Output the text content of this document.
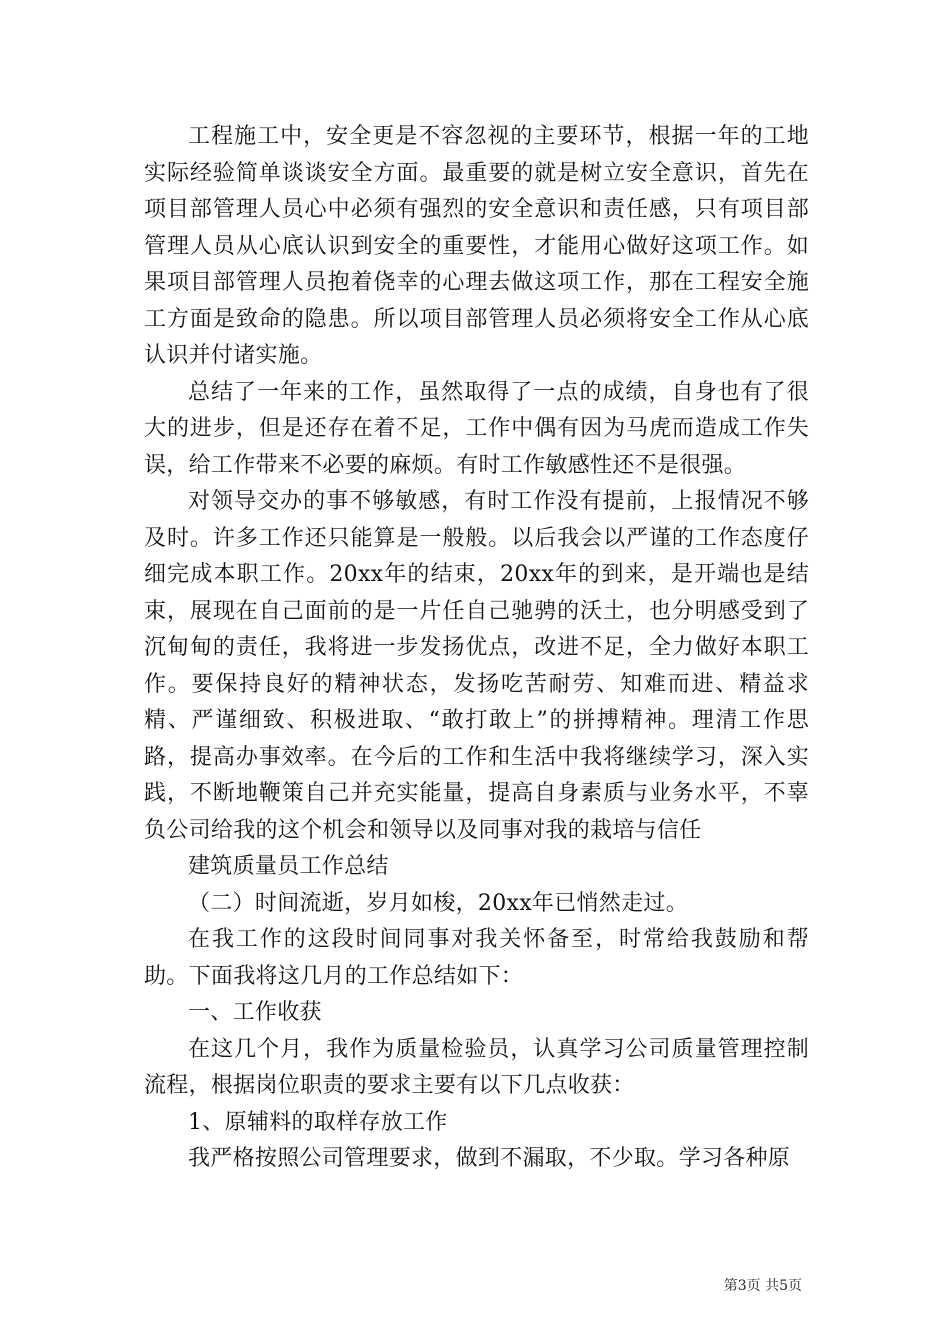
工程施工中，安全更是不容忽视的主要环节，根据一年的工地实际经验简单谈谈安全方面。最重要的就是树立安全意识，首先在项目部管理人员心中必须有强烈的安全意识和责任感，只有项目部管理人员从心底认识到安全的重要性，才能用心做好这项工作。如果项目部管理人员抱着侥幸的心理去做这项工作，那在工程安全施工方面是致命的隐患。所以项目部管理人员必须将安全工作从心底认识并付诸实施。

总结了一年来的工作，虽然取得了一点的成绩，自身也有了很大的进步，但是还存在着不足，工作中偶有因为马虎而造成工作失误，给工作带来不必要的麻烦。有时工作敏感性还不是很强。

对领导交办的事不够敏感，有时工作没有提前，上报情况不够及时。许多工作还只能算是一般般。以后我会以严谨的工作态度仔细完成本职工作。20xx年的结束，20xx年的到来，是开端也是结束，展现在自己面前的是一片任自己驰骋的沃土，也分明感受到了沉甸甸的责任，我将进一步发扬优点，改进不足，全力做好本职工作。要保持良好的精神状态，发扬吃苦耐劳、知难而进、精益求精、严谨细致、积极进取、“敢打敢上”的拼搏精神。理清工作思路，提高办事效率。在今后的工作和生活中我将继续学习，深入实践，不断地鞭策自己并充实能量，提高自身素质与业务水平，不辜负公司给我的这个机会和领导以及同事对我的栽培与信任

建筑质量员工作总结

（二）时间流逝，岁月如梭，20xx年已悄然走过。

在我工作的这段时间同事对我关怀备至，时常给我鼓励和帮助。下面我将这几月的工作总结如下：

一、工作收获

在这几个月，我作为质量检验员，认真学习公司质量管理控制流程，根据岗位职责的要求主要有以下几点收获：

1、原辅料的取样存放工作

我严格按照公司管理要求，做到不漏取，不少取。学习各种原

第3页 共5页
